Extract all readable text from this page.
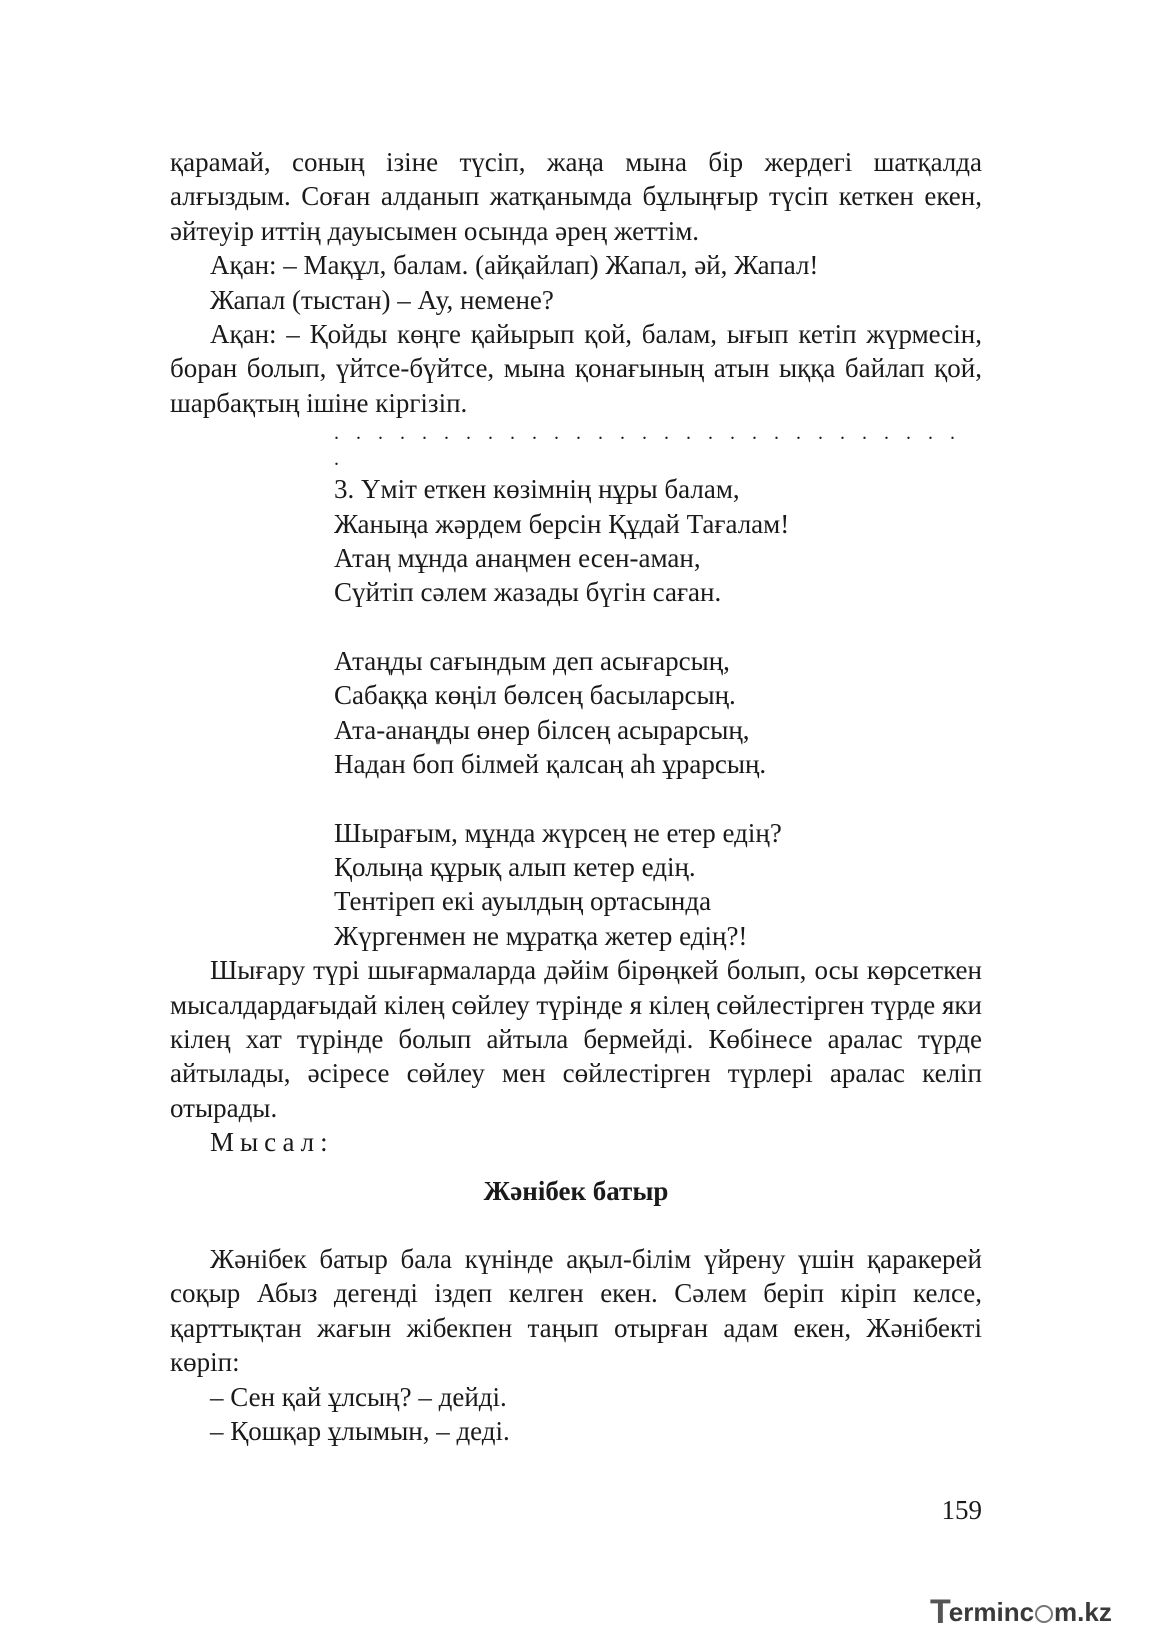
қарамай, соның ізіне түсіп, жаңа мына бір жердегі шатқалда алғыздым. Соған алданып жатқанымда бұлыңғыр түсіп кеткен екен, әйтеуір иттің дауысымен осында әрең жеттім.

Ақан: – Мақұл, балам. (айқайлап) Жапал, әй, Жапал!

Жапал (тыстан) – Ау, немене?

Ақан: – Қойды көңге қайырып қой, балам, ығып кетіп жүрмесін, боран болып, үйтсе-бүйтсе, мына қонағының атын ыққа байлап қой, шарбақтың ішіне кіргізіп.

. . . . . . . . . . . . . . . . . . . . . . . . . . . . . .

3. Үміт еткен көзімнің нұры балам,

Жаныңа жәрдем берсін Құдай Тағалам!

Атаң мұнда анаңмен есен-аман,

Сүйтіп сәлем жазады бүгін саған.

Атаңды сағындым деп асығарсың,

Сабаққа көңіл бөлсең басыларсың.

Ата-анаңды өнер білсең асырарсың,

Надан боп білмей қалсаң аһ ұрарсың.

Шырағым, мұнда жүрсең не етер едің?

Қолыңа құрық алып кетер едің.

Тентіреп екі ауылдың ортасында

Жүргенмен не мұратқа жетер едің?!

Шығару түрі шығармаларда дәйім бірөңкей болып, осы көрсеткен мысалдардағыдай кілең сөйлеу түрінде я кілең сөйлестірген түрде яки кілең хат түрінде болып айтыла бермейді. Көбінесе аралас түрде айтылады, әсіресе сөйлеу мен сөйлестірген түрлері аралас келіп отырады.

Мысал:

Жәнібек батыр

Жәнібек батыр бала күнінде ақыл-білім үйрену үшін қаракерей соқыр Абыз дегенді іздеп келген екен. Сәлем беріп кіріп келсе, қарттықтан жағын жібекпен таңып отырған адам екен, Жәнібекті көріп:

– Сен қай ұлсың? – дейді.

– Қошқар ұлымын, – деді.

159
T
erminc m.kz
